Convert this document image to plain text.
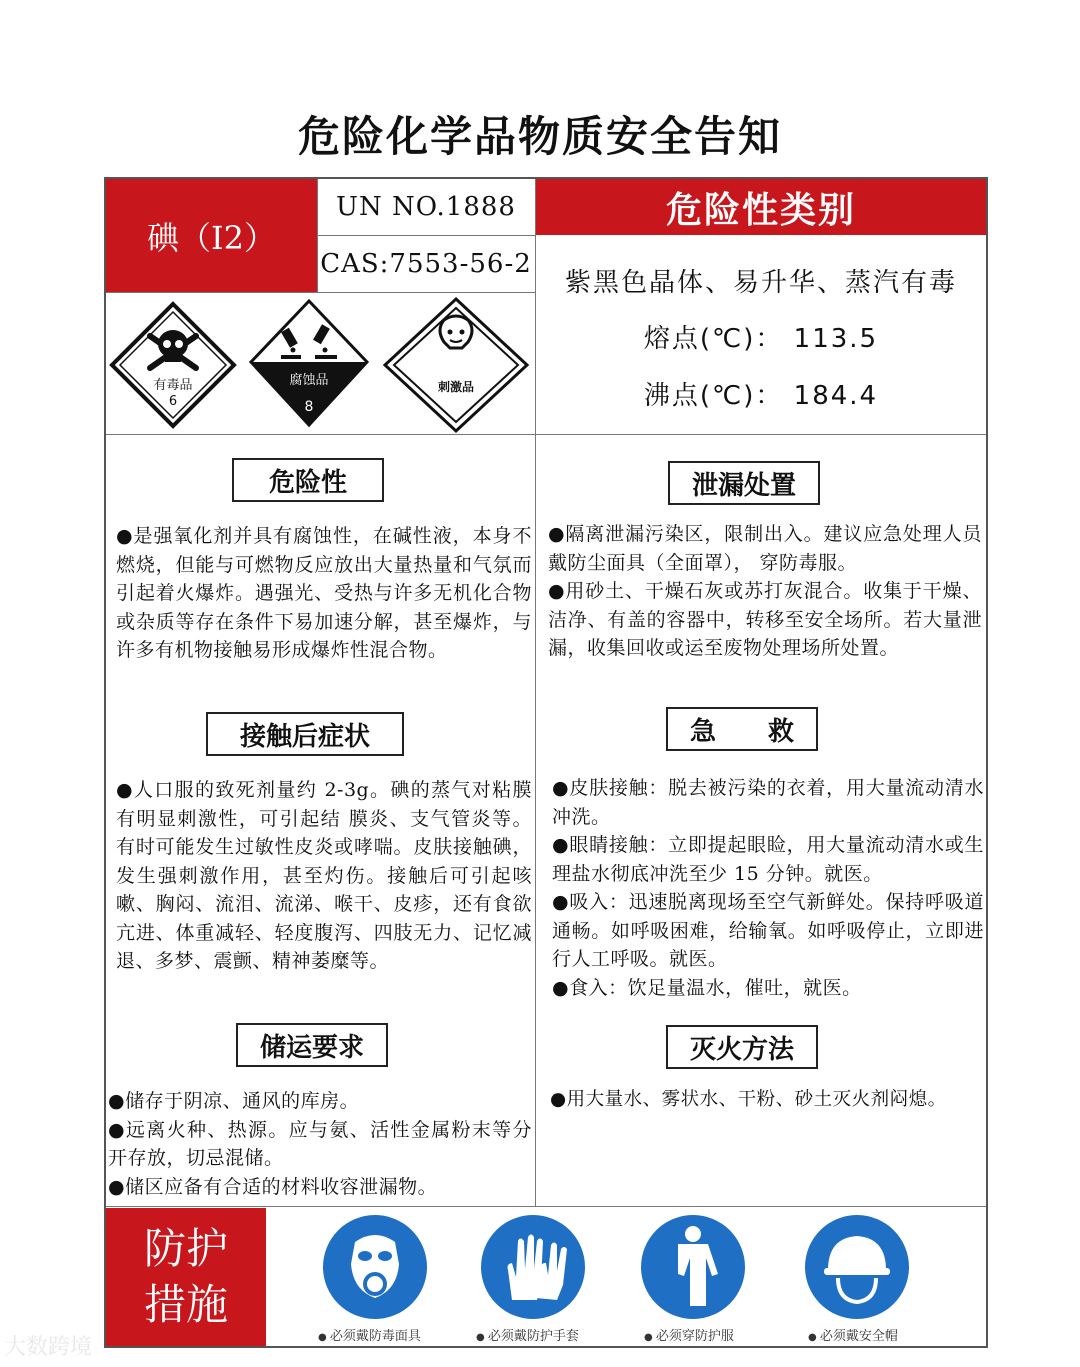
危险化学品物质安全告知
碘（I2）
UN NO.1888
CAS:7553-56-2
危险性类别
紫黑色晶体、易升华、蒸汽有毒
熔点(℃)： 113.5
沸点(℃)： 184.4
有毒品
6
腐蚀品
8
刺激品
危险性

●是强氧化剂并具有腐蚀性，在碱性液，本身不燃烧，但能与可燃物反应放出大量热量和气氛而引起着火爆炸。遇强光、受热与许多无机化合物或杂质等存在条件下易加速分解，甚至爆炸，与许多有机物接触易形成爆炸性混合物。

接触后症状

●人口服的致死剂量约 2-3g。碘的蒸气对粘膜有明显刺激性，可引起结 膜炎、支气管炎等。有时可能发生过敏性皮炎或哮喘。皮肤接触碘，发生强刺激作用，甚至灼伤。接触后可引起咳嗽、胸闷、流泪、流涕、喉干、皮疹，还有食欲亢进、体重减轻、轻度腹泻、四肢无力、记忆减退、多梦、震颤、精神萎糜等。

储运要求

●储存于阴凉、通风的库房。

●远离火种、热源。应与氨、活性金属粉末等分 开存放，切忌混储。

●储区应备有合适的材料收容泄漏物。

泄漏处置

●隔离泄漏污染区，限制出入。建议应急处理人员戴防尘面具（全面罩）， 穿防毒服。

●用砂土、干燥石灰或苏打灰混合。收集于干燥、洁净、有盖的容器中，转移至安全场所。若大量泄漏，收集回收或运至废物处理场所处置。

急　　救

●皮肤接触：脱去被污染的衣着，用大量流动清水冲洗。

●眼睛接触：立即提起眼睑，用大量流动清水或生理盐水彻底冲洗至少 15 分钟。就医。

●吸入：迅速脱离现场至空气新鲜处。保持呼吸道通畅。如呼吸困难，给输氧。如呼吸停止，立即进行人工呼吸。就医。

●食入：饮足量温水，催吐，就医。

灭火方法

●用大量水、雾状水、干粉、砂土灭火剂闷熄。

防护
措施
● 必须戴防毒面具	● 必须戴防护手套	● 必须穿防护服	● 必须戴安全帽
大数跨境
